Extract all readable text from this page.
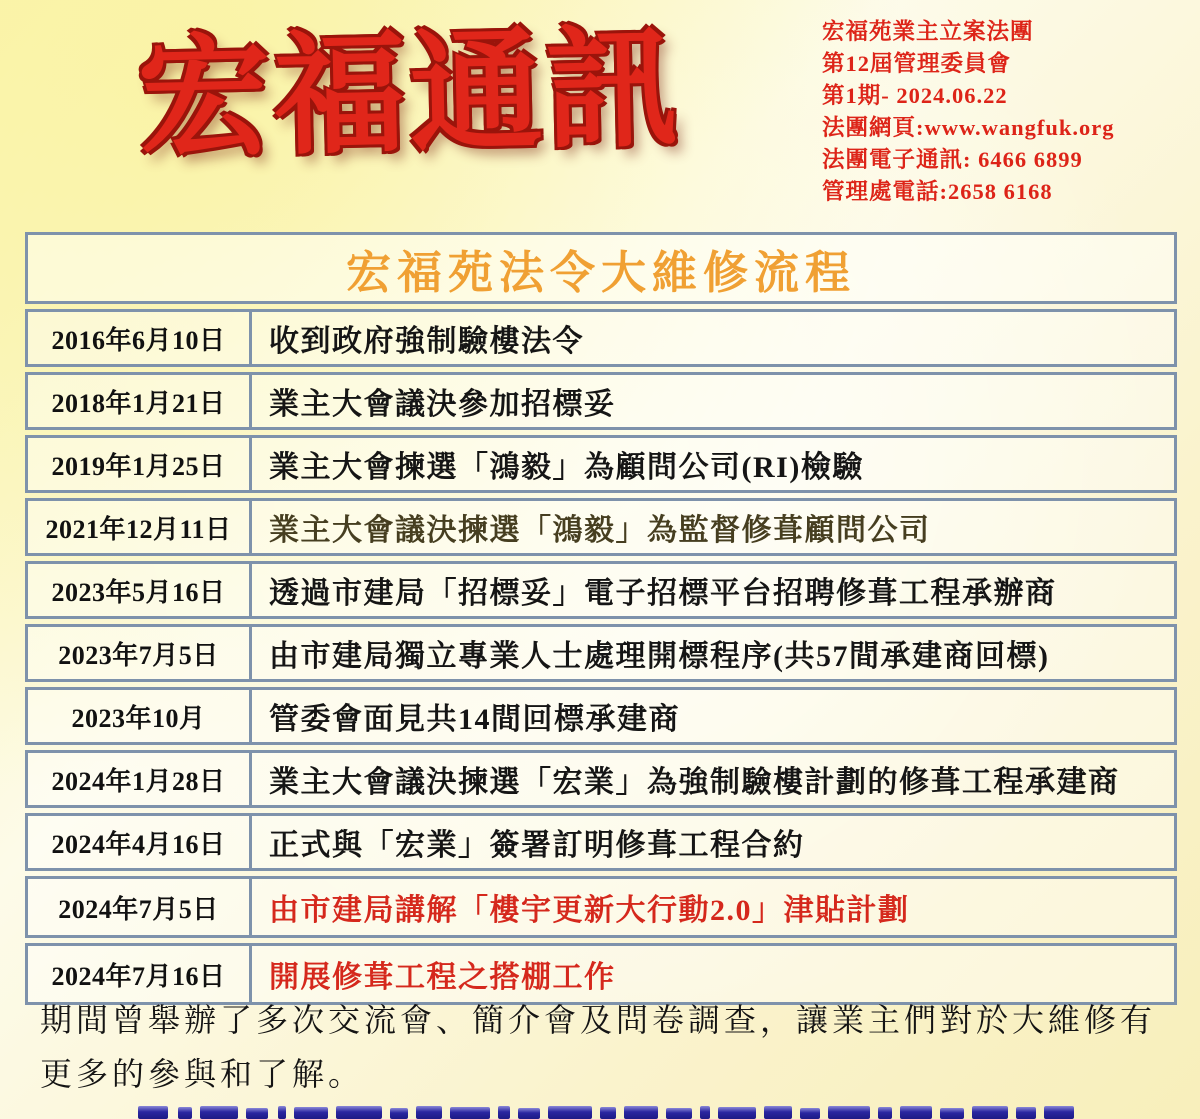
宏福通訊	宏福苑業主立案法團
第12屆管理委員會
第1期- 2024.06.22
法團網頁:www.wangfuk.org
法團電子通訊: 6466 6899
管理處電話:2658 6168
宏福苑法令大維修流程
2016年6月10日	收到政府強制驗樓法令
2018年1月21日	業主大會議決參加招標妥
2019年1月25日	業主大會揀選「鴻毅」為顧問公司(RI)檢驗
2021年12月11日	業主大會議決揀選「鴻毅」為監督修葺顧問公司
2023年5月16日	透過市建局「招標妥」電子招標平台招聘修葺工程承辦商
2023年7月5日	由市建局獨立專業人士處理開標程序(共57間承建商回標)
2023年10月	管委會面見共14間回標承建商
2024年1月28日	業主大會議決揀選「宏業」為強制驗樓計劃的修葺工程承建商
2024年4月16日	正式與「宏業」簽署訂明修葺工程合約
2024年7月5日	由市建局講解「樓宇更新大行動2.0」津貼計劃
2024年7月16日	開展修葺工程之搭棚工作

期間曾舉辦了多次交流會、簡介會及問卷調查，讓業主們對於大維修有更多的參與和了解。
